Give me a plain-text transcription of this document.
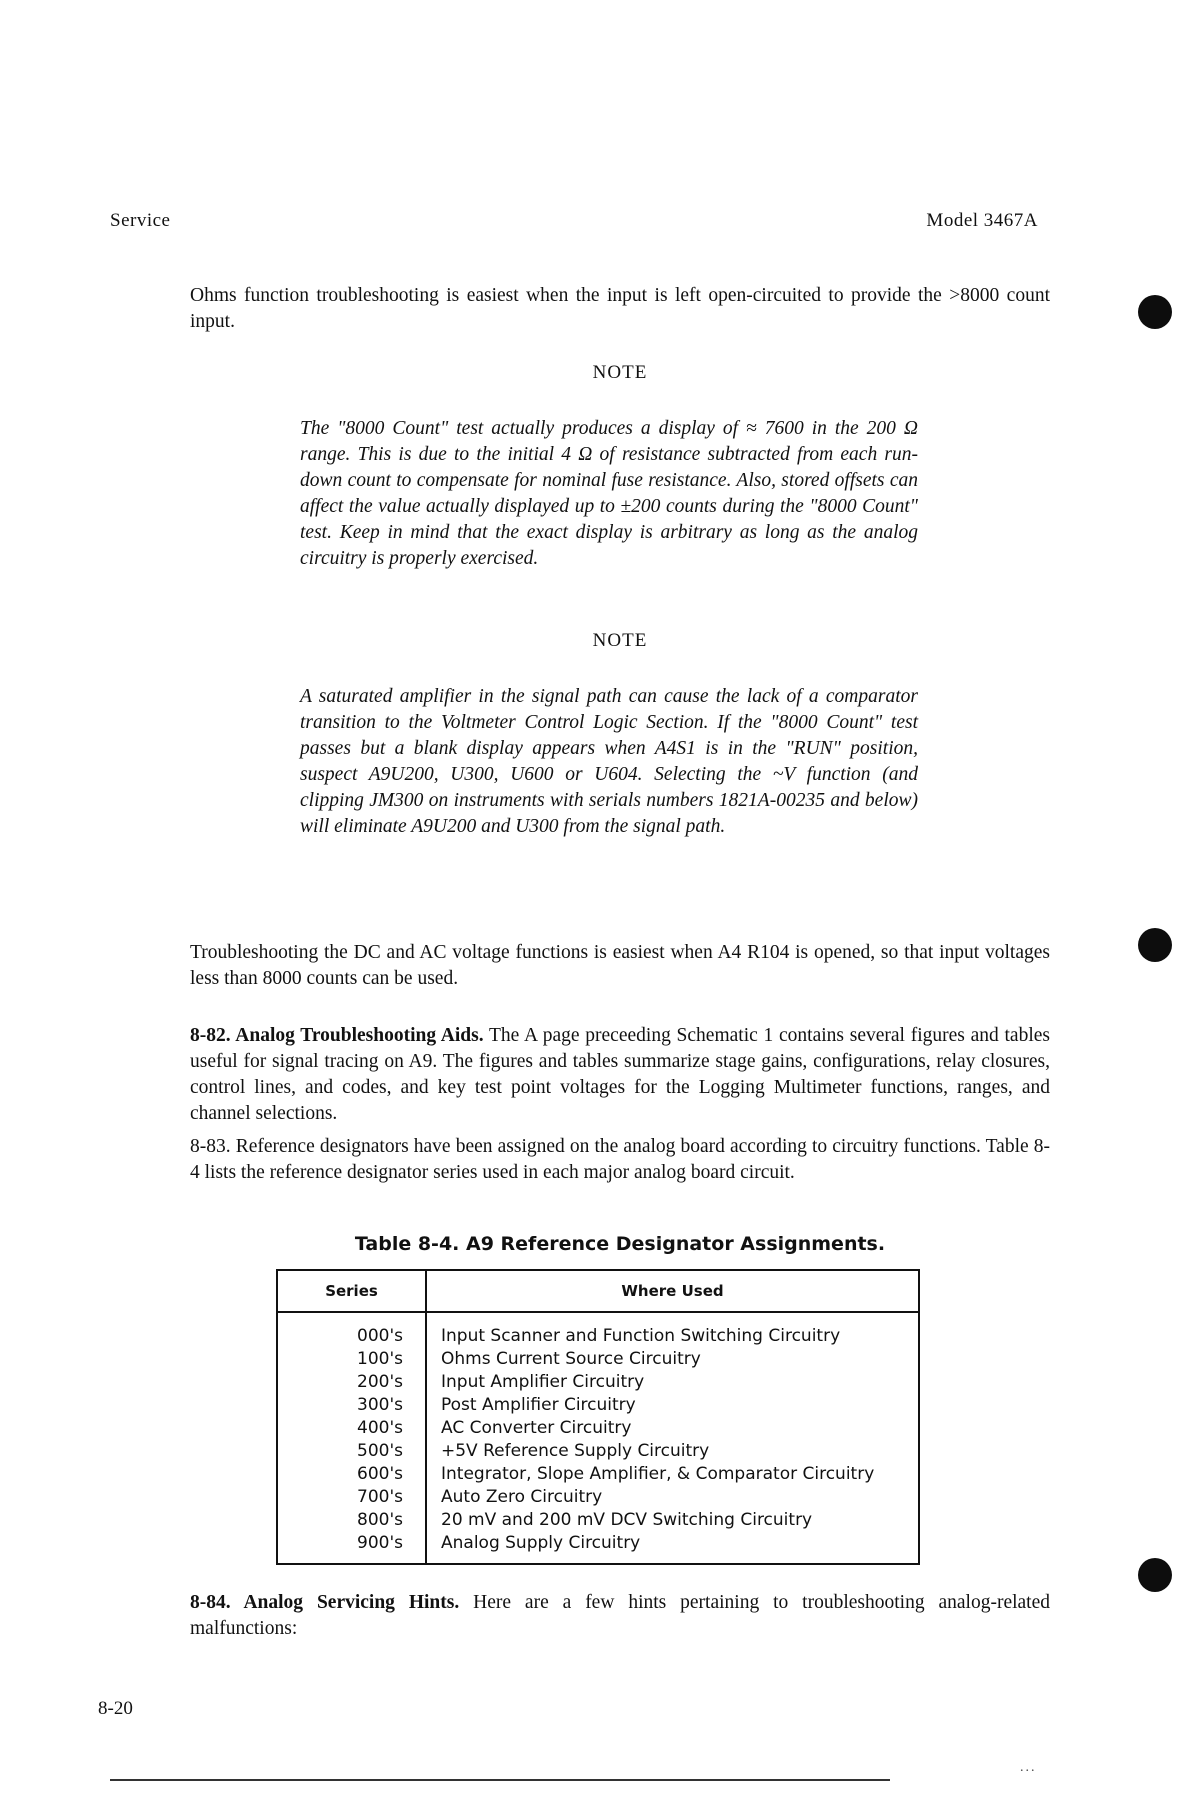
Service	Model 3467A
Ohms function troubleshooting is easiest when the input is left open-circuited to provide the >8000 count input.
NOTE
The "8000 Count" test actually produces a display of ≈ 7600 in the 200 Ω range. This is due to the initial 4 Ω of resistance subtracted from each run-down count to compensate for nominal fuse resistance. Also, stored offsets can affect the value actually displayed up to ±200 counts during the "8000 Count" test. Keep in mind that the exact display is arbitrary as long as the analog circuitry is properly exercised.
NOTE
A saturated amplifier in the signal path can cause the lack of a comparator transition to the Voltmeter Control Logic Section. If the "8000 Count" test passes but a blank display appears when A4S1 is in the "RUN" position, suspect A9U200, U300, U600 or U604. Selecting the ~V function (and clipping JM300 on instruments with serials numbers 1821A-00235 and below) will eliminate A9U200 and U300 from the signal path.
Troubleshooting the DC and AC voltage functions is easiest when A4 R104 is opened, so that input voltages less than 8000 counts can be used.
8-82. Analog Troubleshooting Aids. The A page preceeding Schematic 1 contains several figures and tables useful for signal tracing on A9. The figures and tables summarize stage gains, configurations, relay closures, control lines, and codes, and key test point voltages for the Logging Multimeter functions, ranges, and channel selections.
8-83. Reference designators have been assigned on the analog board according to circuitry functions. Table 8-4 lists the reference designator series used in each major analog board circuit.
Table 8-4. A9 Reference Designator Assignments.
Series	Where Used
000's	Input Scanner and Function Switching Circuitry
100's	Ohms Current Source Circuitry
200's	Input Amplifier Circuitry
300's	Post Amplifier Circuitry
400's	AC Converter Circuitry
500's	+5V Reference Supply Circuitry
600's	Integrator, Slope Amplifier, & Comparator Circuitry
700's	Auto Zero Circuitry
800's	20 mV and 200 mV DCV Switching Circuitry
900's	Analog Supply Circuitry
8-84. Analog Servicing Hints. Here are a few hints pertaining to troubleshooting analog-related malfunctions:
8-20
...
